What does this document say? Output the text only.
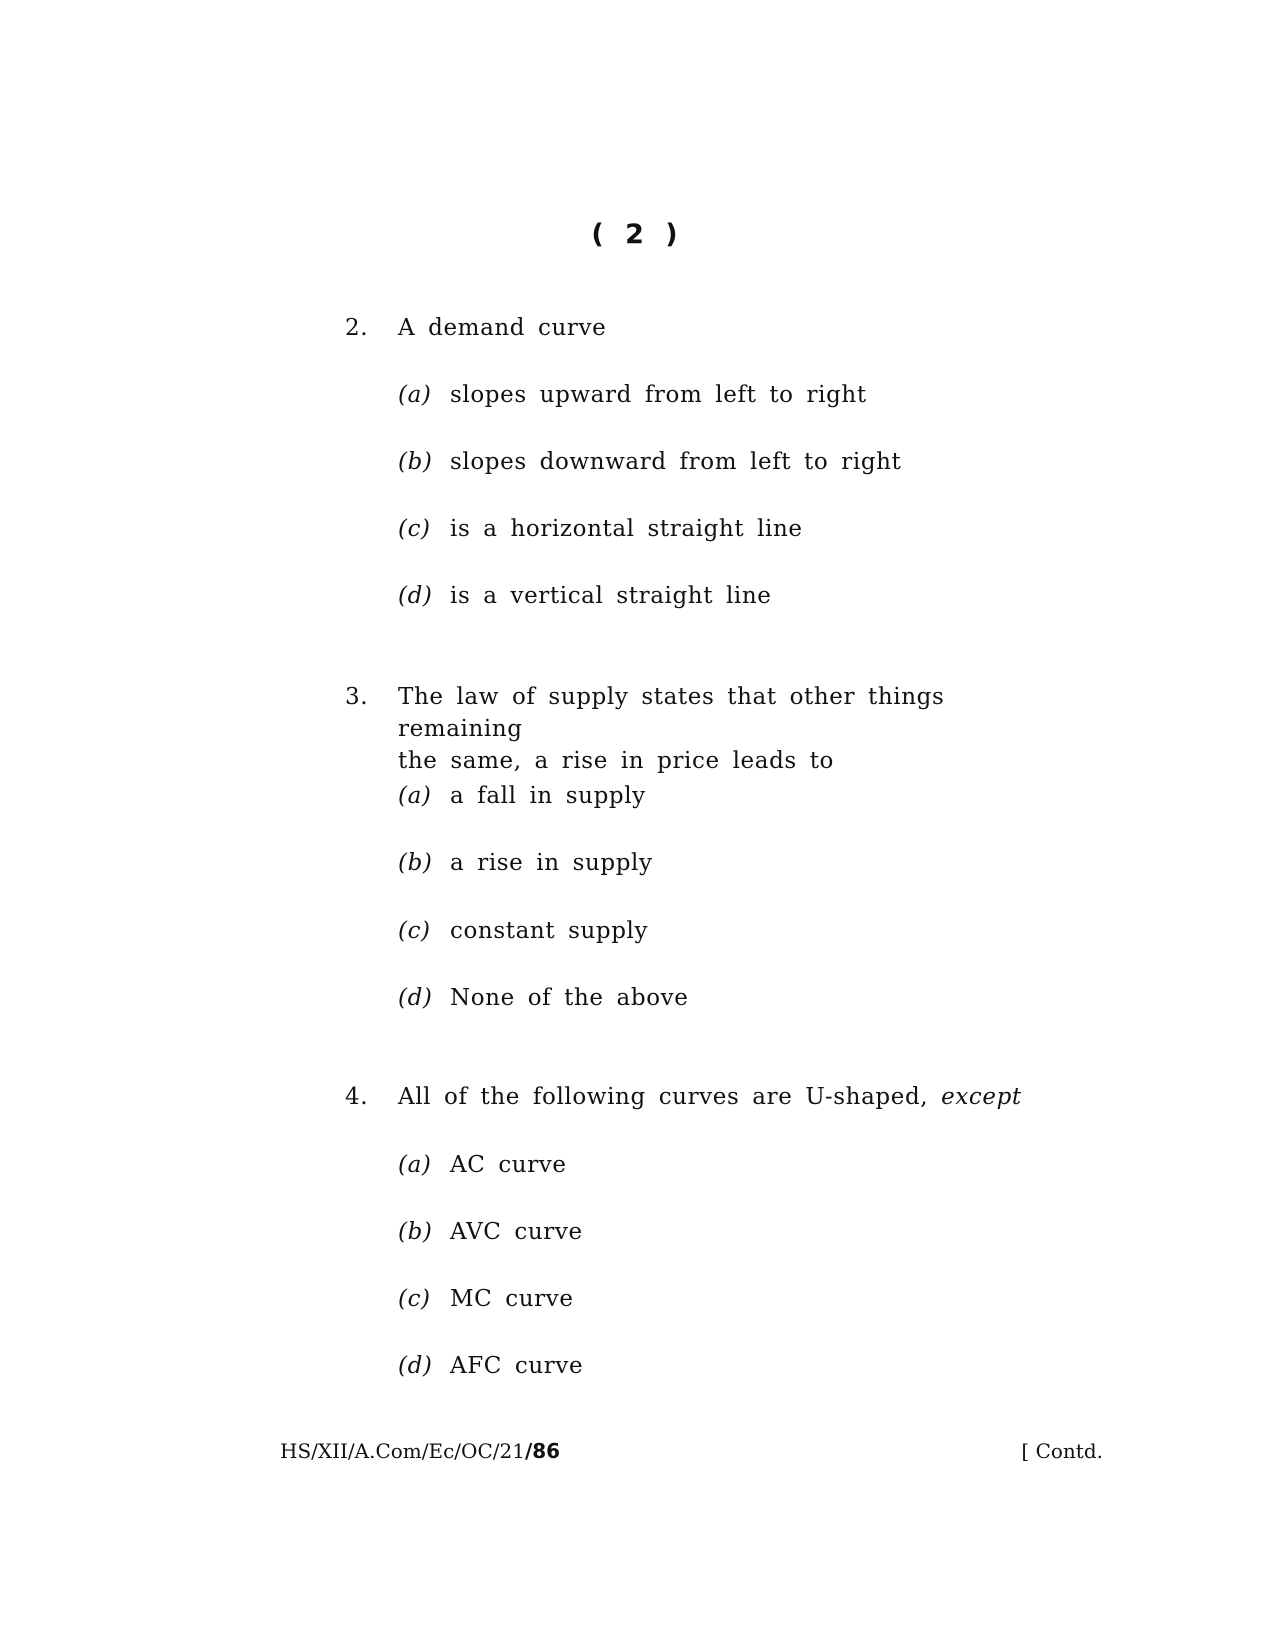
( 2 )
2. A demand curve
(a) slopes upward from left to right
(b) slopes downward from left to right
(c) is a horizontal straight line
(d) is a vertical straight line
3. The law of supply states that other things remaining
the same, a rise in price leads to
(a) a fall in supply
(b) a rise in supply
(c) constant supply
(d) None of the above
4. All of the following curves are U-shaped, except
(a) AC curve
(b) AVC curve
(c) MC curve
(d) AFC curve
HS/XII/A.Com/Ec/OC/21/86	[ Contd.
